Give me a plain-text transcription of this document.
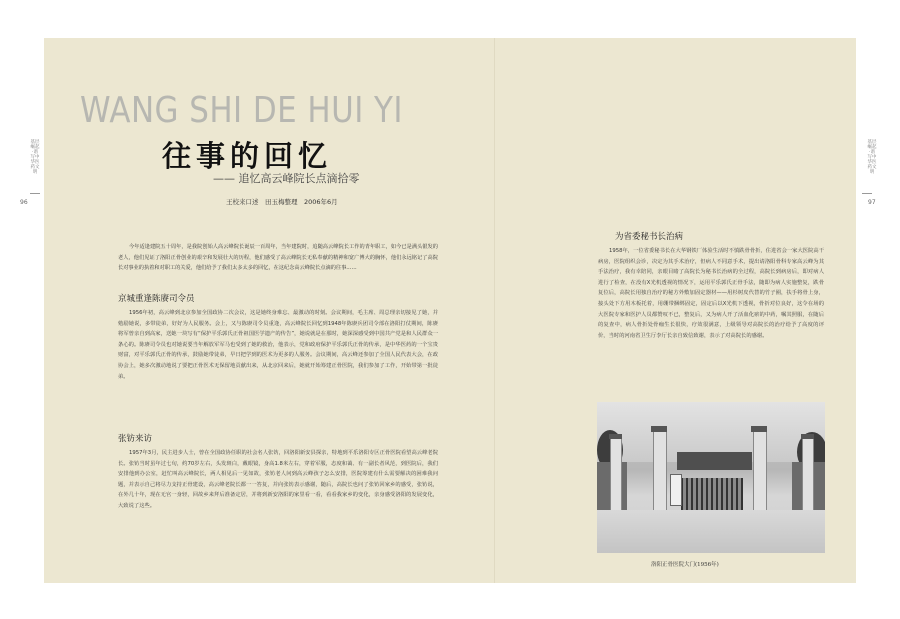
基层崛起·谱写中华医药文明
96
基层崛起·谱写中华医药文明
97
WANG SHI DE HUI YI
往事的回忆
—— 追忆高云峰院长点滴拾零
王校来口述　田玉梅整理　2006年6月

今年适逢建院五十周年，是我院创始人高云峰院长诞辰一百周年，当年建院时，追随高云峰院长工作的青年职工，如今已是满头银发的老人，他们见证了洛阳正骨创业的艰辛和发展壮大的历程，他们感受了高云峰院长无私奉献的精神和宽广博大的胸怀，他们永远铭记了高院长对事业的执着和对职工的关爱，他们给予了我们太多太多的回忆，在这纪念高云峰院长点滴的往事……

京城重逢陈赓司令员

1956年初，高云峰到北京参加全国政协二次会议，这是她终身难忘、最激动的时刻。会议期间，毛主席、周总理亲切接见了她，并勉励她说，多带徒弟，好好为人民服务。会上，又与陈赓司令员重逢，高云峰院长回忆到1948年陈赓兵团司令部在洛阳打仗期间，陈赓将军曾亲自到高家，送她一块写有“保护平乐郭氏正骨祖国医学遗产的传告”，她说就是在那时，她深深感受到中国共产党是和人民群众一条心的。陈赓司令员也对她说要当年解放军军马也受到了她的救治，他表示，党和政府保护平乐郭氏正骨的传承，是中华医药的一个宝贵财富，对平乐郭氏正骨的传承，鼓励她带徒弟，早日把学到的医术为更多的人服务。会议期间，高云峰还参加了全国人民代表大会，在政协会上，她多次激动地说了要把正骨医术无保留地贡献出来，从北京回来后，她就开始筹建正骨医院，我们参加了工作，开始带第一批徒弟。

张钫来访

1957年3月，民主进步人士，曾在全国政协任职的社会名人张钫，回洛阳新安县探亲，特地到平乐洛阳专区正骨医院看望高云峰老院长。张钫当时虽年过七旬，约70岁左右，头发斑白，戴眼镜，身高1.8米左右，穿着军服，态度和蔼、有一副长者风范，到医院后，我们安排他到办公室，赶忙叫高云峰院长，两人相见后一见如故，张钫老人问到高云峰孩子怎么安排，医院筹建有什么需要解决的困难我问题，并表示自己将尽力支持正骨建设，高云峰老院长都一一答复，并向张钫表示感谢，随后，高院长也问了张钫回家乡的感受，张钫说，在外几十年，现在无官一身轻，回故乡来拜后准备定居，并将到新安洛阳的家里看一看，看看我家乡的变化，亲身感受洛阳的发展变化，大致说了这些。

为省委秘书长治病

1958年，一位省委秘书长在大华钢铁厂体验生活时不慎跌骨骨折，住进省会一家大医院高干病房，医院组织会诊，决定为其手术治疗，但病人不同意手术，提出请洛阳骨科专家高云峰为其手法治疗，我有幸陪同，亲眼目睹了高院长为秘书长治病的全过程，高院长到病房后，即对病人进行了检查，在没有X光机透视的情况下，运用平乐郭氏正骨手法，随即为病人实施整复，跌骨复位后，高院长用独自治疗的秘方外敷加固定器材——用杉树皮代替的竹子圈，扶手将骨上身，接头处下方用木板托着，用绷带捆绑固定，固定后以X光机下透视，骨折对位良好，这令在场的大医院专家和医护人员都赞叹不已，整复后，又为病人开了活血化瘀的中药，嘱其照服，在随后的复查中，病人骨折处骨痂生长很快，疗效很满意，上级领导对高院长的治疗给予了高度的评价，当时的河南省卫生厅李厅长亲自致信致谢，表示了对高院长的感谢。

洛阳正骨医院大门(1956年)
